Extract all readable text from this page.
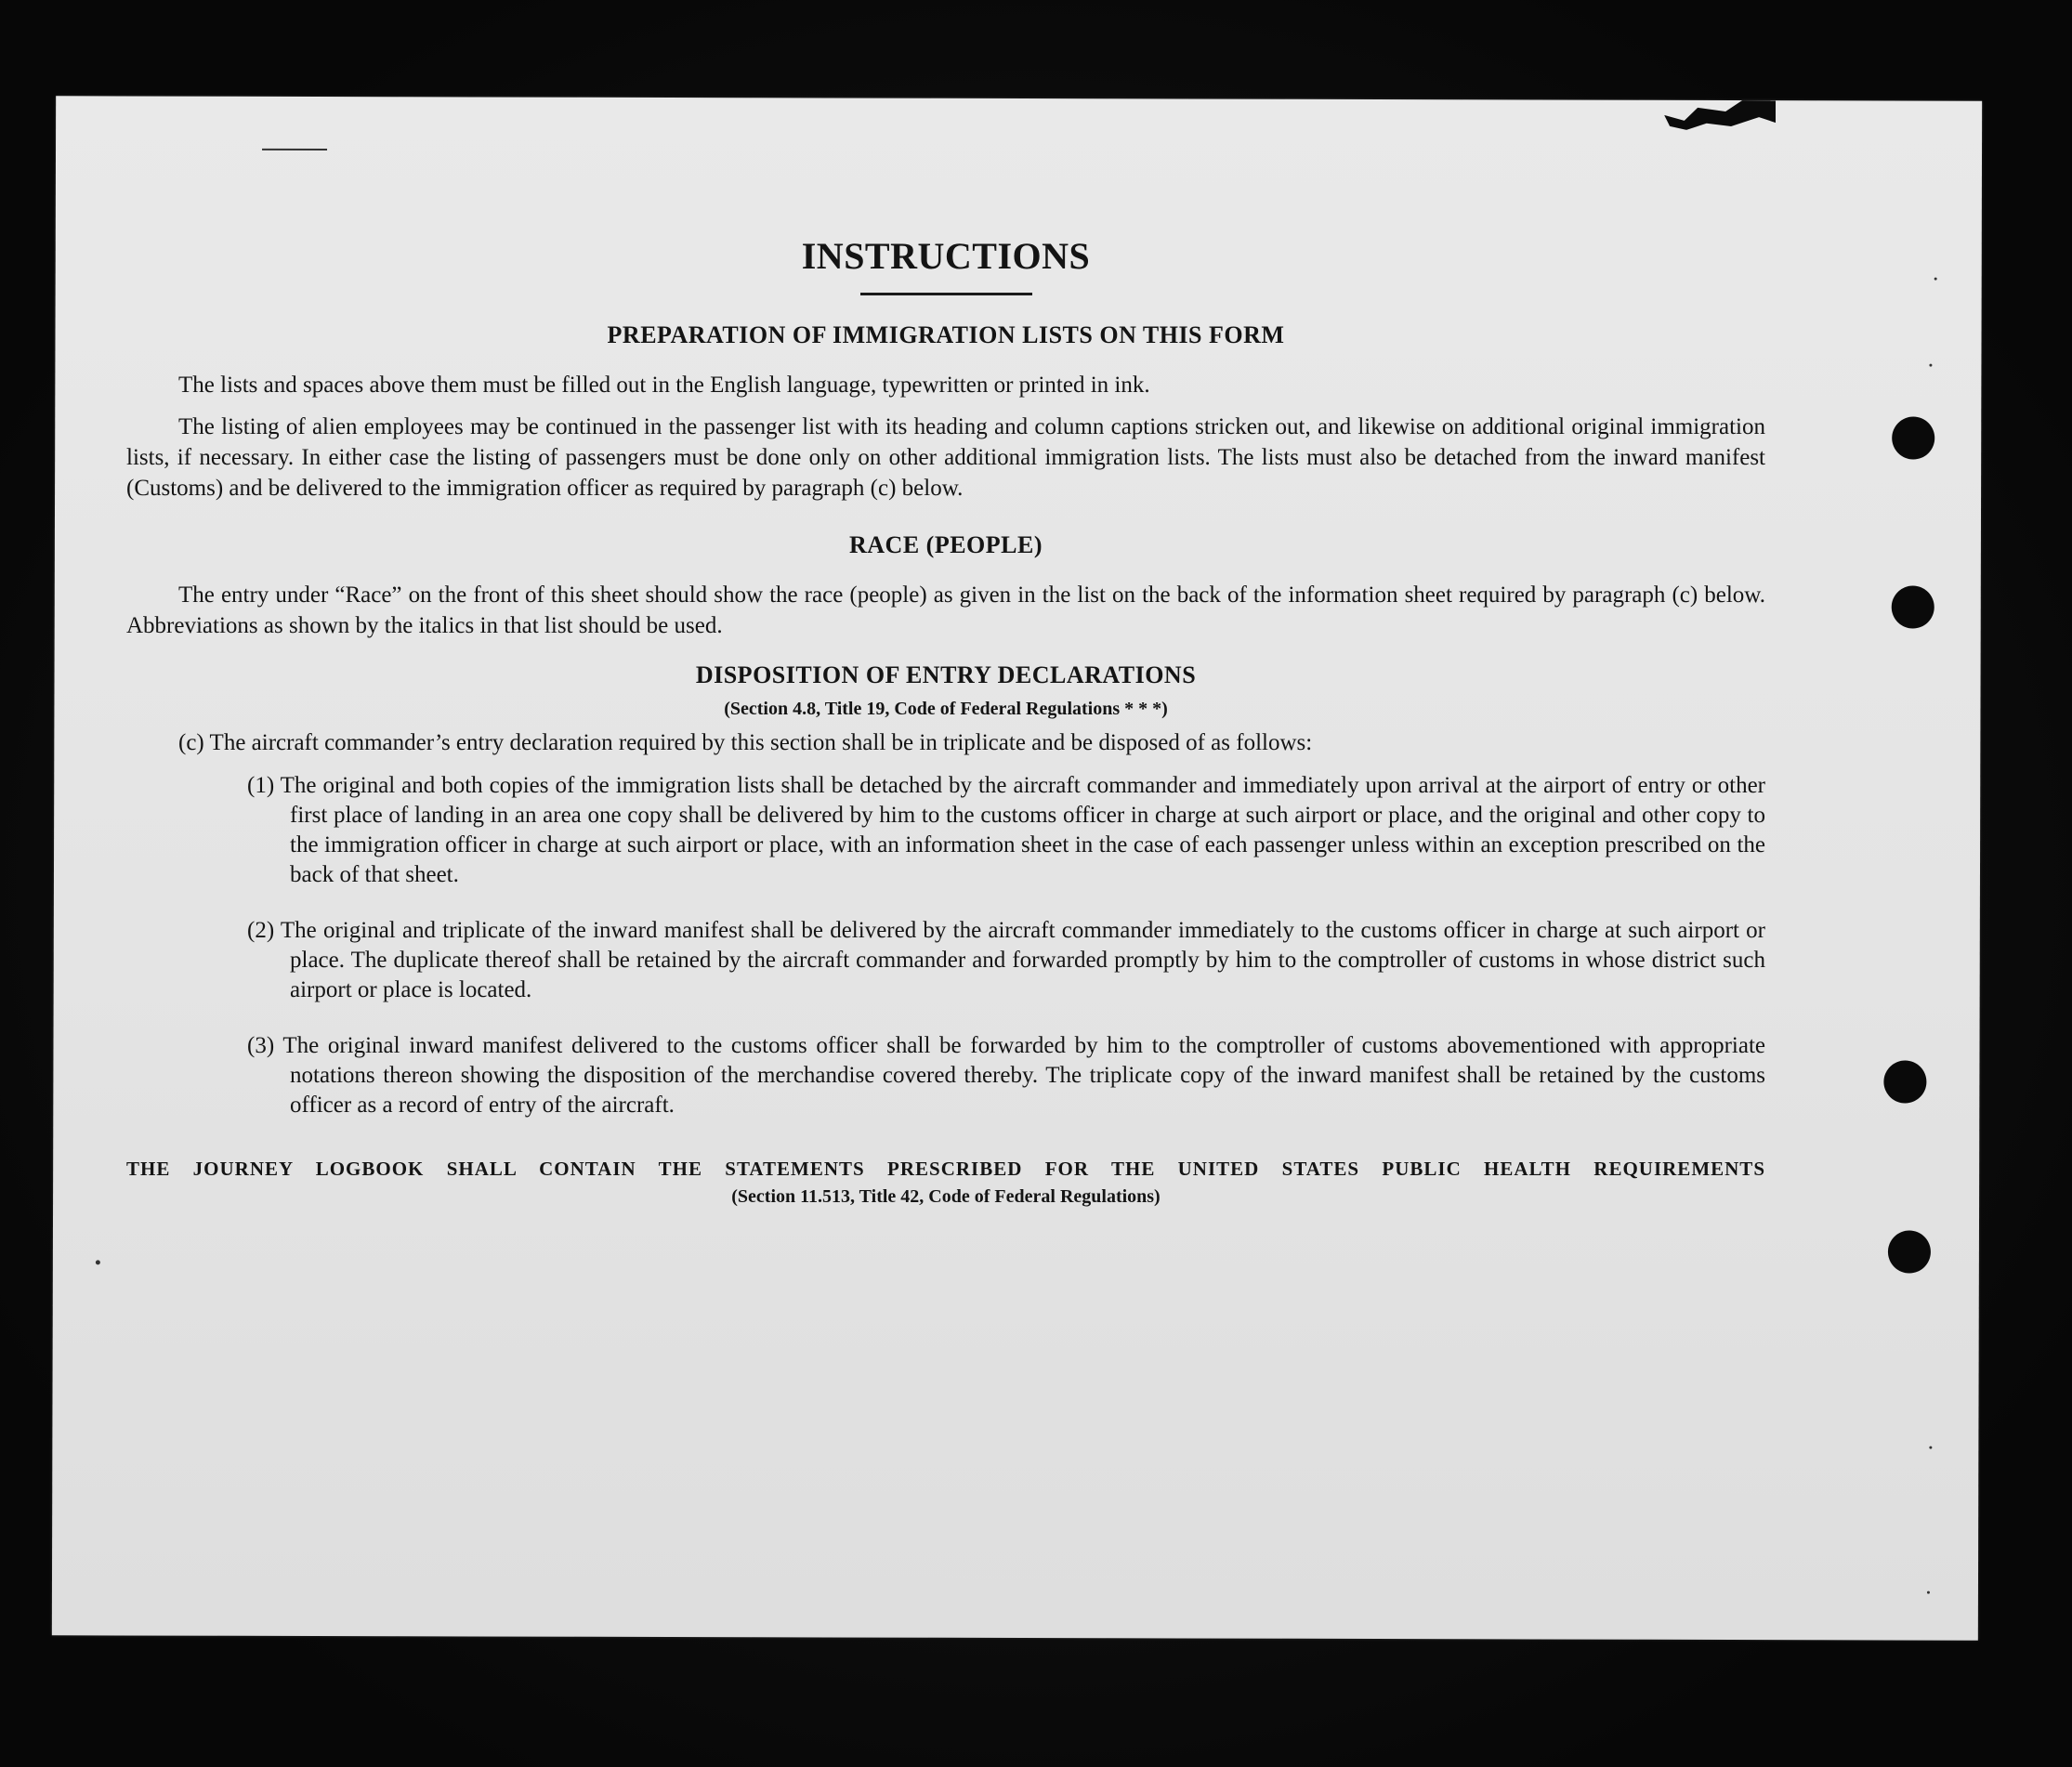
INSTRUCTIONS
PREPARATION OF IMMIGRATION LISTS ON THIS FORM

The lists and spaces above them must be filled out in the English language, typewritten or printed in ink.

The listing of alien employees may be continued in the passenger list with its heading and column captions stricken out, and likewise on additional original immigration lists, if necessary. In either case the listing of passengers must be done only on other additional immigration lists. The lists must also be detached from the inward manifest (Customs) and be delivered to the immigration officer as required by paragraph (c) below.

RACE (PEOPLE)

The entry under “Race” on the front of this sheet should show the race (people) as given in the list on the back of the information sheet required by paragraph (c) below. Abbreviations as shown by the italics in that list should be used.

DISPOSITION OF ENTRY DECLARATIONS

(Section 4.8, Title 19, Code of Federal Regulations * * *)

(c) The aircraft commander’s entry declaration required by this section shall be in triplicate and be disposed of as follows:
(1) The original and both copies of the immigration lists shall be detached by the aircraft commander and immediately upon arrival at the airport of entry or other first place of landing in an area one copy shall be delivered by him to the customs officer in charge at such airport or place, and the original and other copy to the immigration officer in charge at such airport or place, with an information sheet in the case of each passenger unless within an exception prescribed on the back of that sheet.
(2) The original and triplicate of the inward manifest shall be delivered by the aircraft commander immediately to the customs officer in charge at such airport or place. The duplicate thereof shall be retained by the aircraft commander and forwarded promptly by him to the comptroller of customs in whose district such airport or place is located.
(3) The original inward manifest delivered to the customs officer shall be forwarded by him to the comptroller of customs abovementioned with appropriate notations thereon showing the disposition of the merchandise covered thereby. The triplicate copy of the inward manifest shall be retained by the customs officer as a record of entry of the aircraft.

THE JOURNEY LOGBOOK SHALL CONTAIN THE STATEMENTS PRESCRIBED FOR THE UNITED STATES PUBLIC HEALTH REQUIREMENTS

(Section 11.513, Title 42, Code of Federal Regulations)
